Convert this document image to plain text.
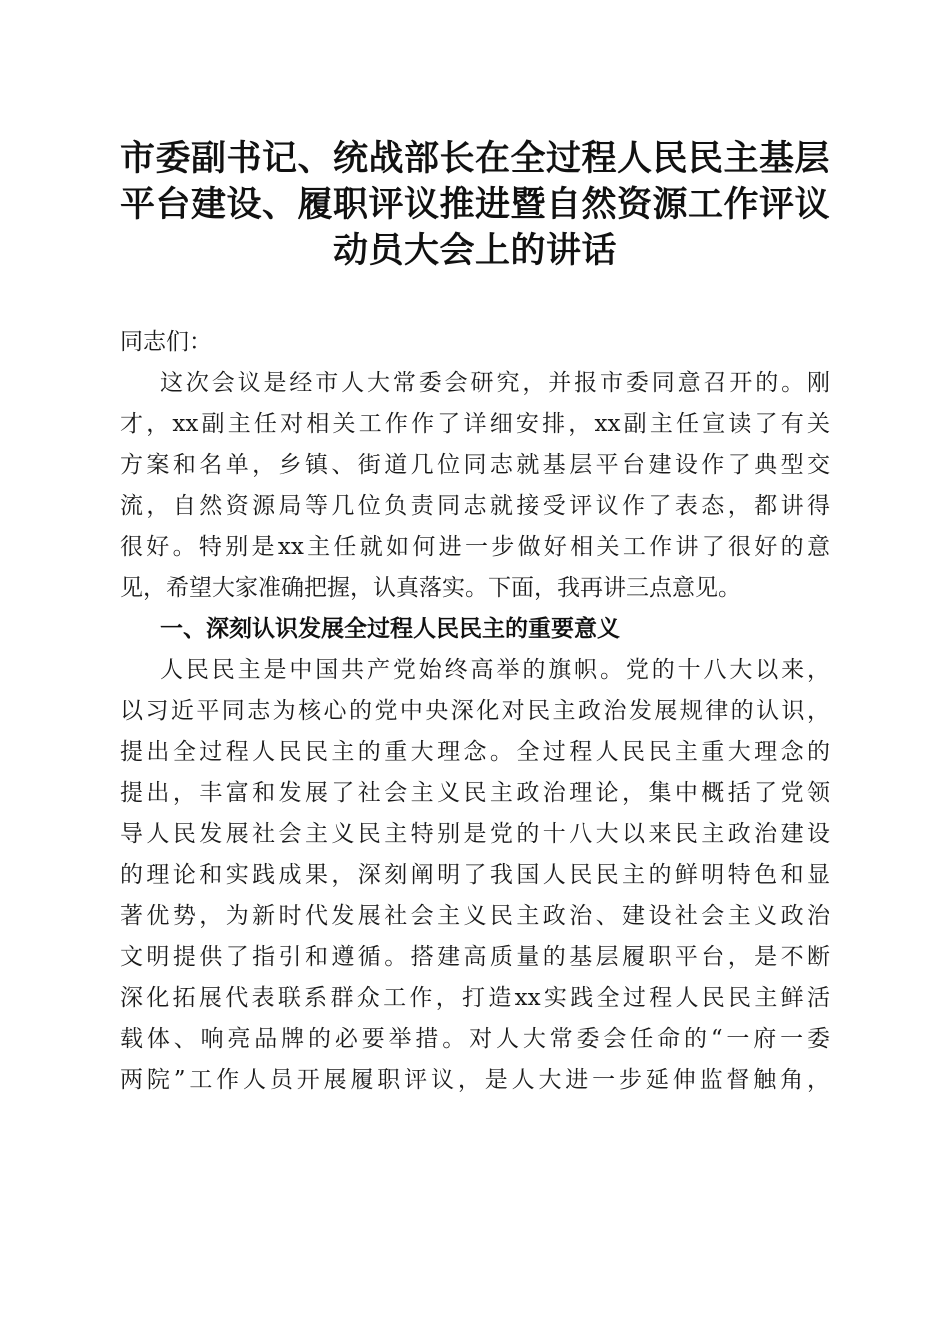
市委副书记、统战部长在全过程人民民主基层
平台建设、履职评议推进暨自然资源工作评议
动员大会上的讲话
同志们：
这次会议是经市人大常委会研究，并报市委同意召开的。刚
才，xx副主任对相关工作作了详细安排，xx副主任宣读了有关
方案和名单，乡镇、街道几位同志就基层平台建设作了典型交
流，自然资源局等几位负责同志就接受评议作了表态，都讲得
很好。特别是xx主任就如何进一步做好相关工作讲了很好的意
见，希望大家准确把握，认真落实。下面，我再讲三点意见。
一、深刻认识发展全过程人民民主的重要意义
人民民主是中国共产党始终高举的旗帜。党的十八大以来，
以习近平同志为核心的党中央深化对民主政治发展规律的认识，
提出全过程人民民主的重大理念。全过程人民民主重大理念的
提出，丰富和发展了社会主义民主政治理论，集中概括了党领
导人民发展社会主义民主特别是党的十八大以来民主政治建设
的理论和实践成果，深刻阐明了我国人民民主的鲜明特色和显
著优势，为新时代发展社会主义民主政治、建设社会主义政治
文明提供了指引和遵循。搭建高质量的基层履职平台，是不断
深化拓展代表联系群众工作，打造xx实践全过程人民民主鲜活
载体、响亮品牌的必要举措。对人大常委会任命的“一府一委
两院”工作人员开展履职评议，是人大进一步延伸监督触角，
